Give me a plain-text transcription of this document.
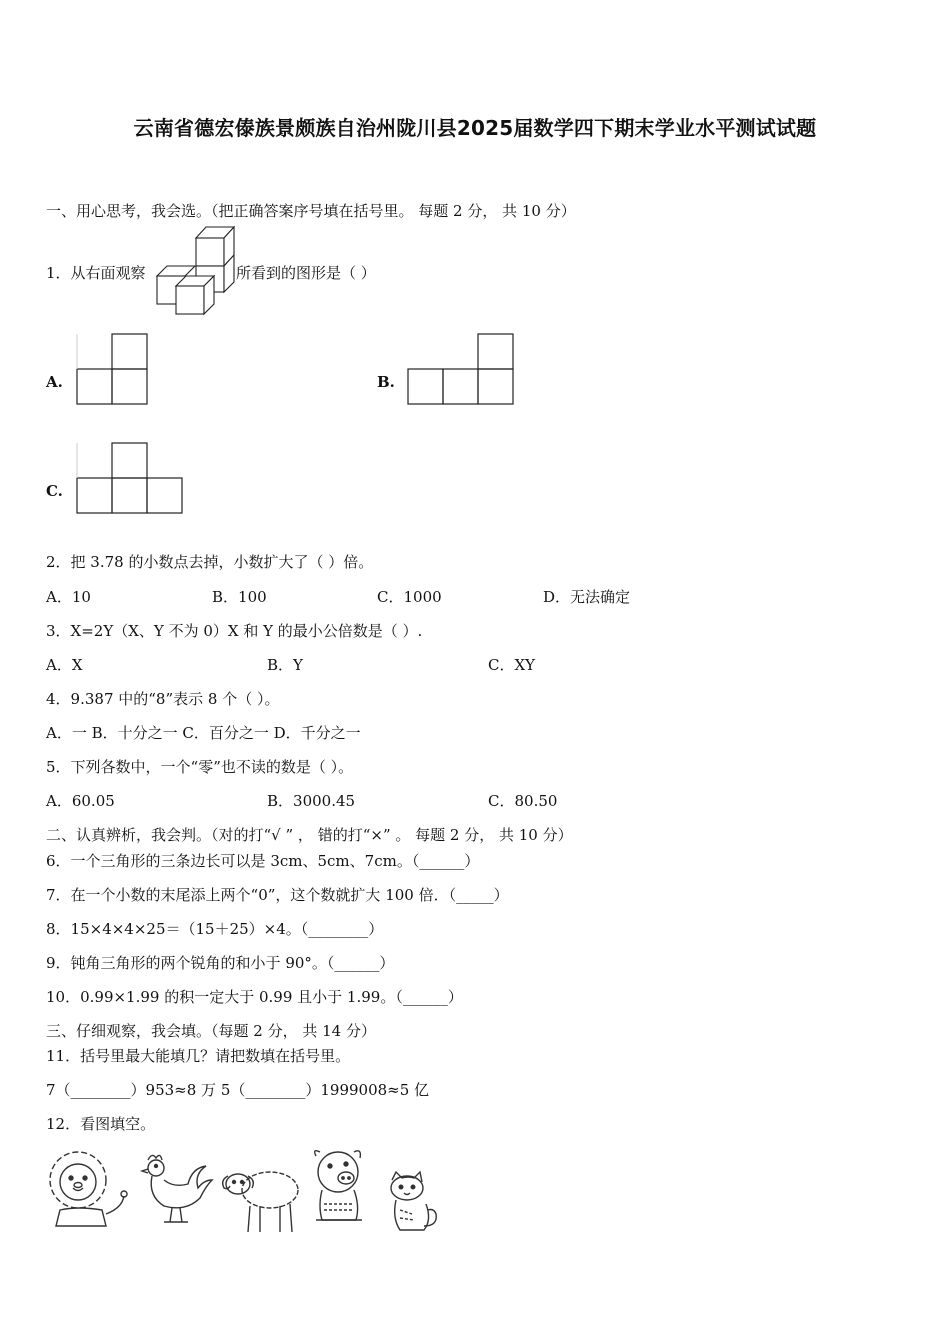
云南省德宏傣族景颇族自治州陇川县2025届数学四下期末学业水平测试试题
一、用心思考，我会选。（把正确答案序号填在括号里。 每题 2 分， 共 10 分）
1．从右面观察	所看到的图形是（ ）
A.	B.
C.
2．把 3.78 的小数点去掉，小数扩大了（ ）倍。
A．10	B．100	C．1000	D．无法确定
3．X=2Y（X、Y 不为 0）X 和 Y 的最小公倍数是（ ）.
A．X	B．Y	C．XY
4．9.387 中的“8”表示 8 个（ ）。
A．一 B．十分之一 C．百分之一 D．千分之一
5．下列各数中，一个“零”也不读的数是（ ）。
A．60.05	B．3000.45	C．80.50
二、认真辨析，我会判。（对的打“√ ” ， 错的打“×” 。 每题 2 分， 共 10 分）
6．一个三角形的三条边长可以是 3cm、5cm、7cm。（______）
7．在一个小数的末尾添上两个“0”，这个数就扩大 100 倍．（_____）
8．15×4×4×25＝（15＋25）×4。（________）
9．钝角三角形的两个锐角的和小于 90°。（______）
10．0.99×1.99 的积一定大于 0.99 且小于 1.99。（______）
三、仔细观察，我会填。（每题 2 分， 共 14 分）
11．括号里最大能填几？请把数填在括号里。
7（________）953≈8 万 5（________）1999008≈5 亿
12．看图填空。
